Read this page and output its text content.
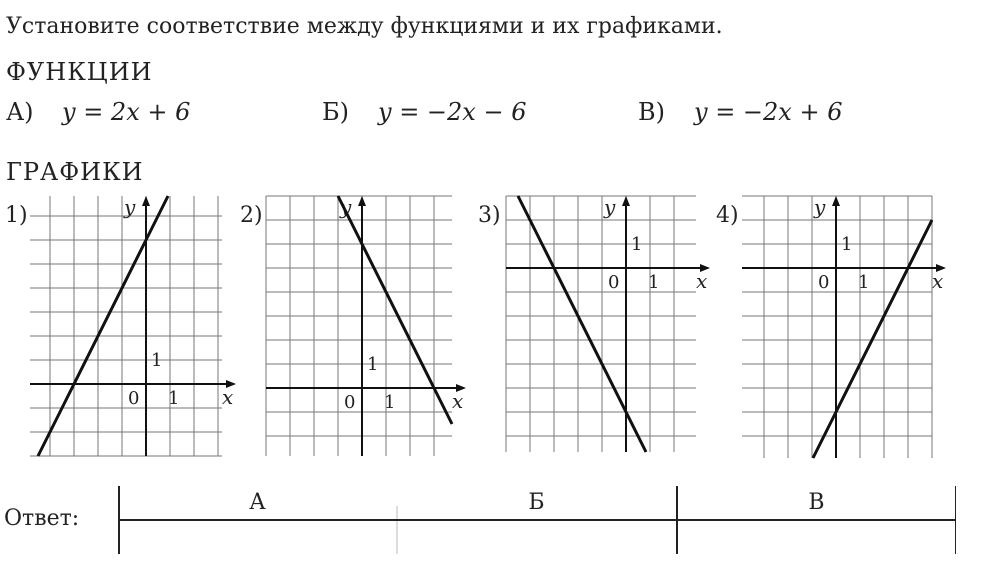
Установите соответствие между функциями и их графиками.
ФУНКЦИИ
А) y = 2x + 6	Б) y = −2x − 6	В) y = −2x + 6
ГРАФИКИ
1)	2)	3)	4)
x
y
0 1
1
x
y
0 1
1
x
y
0 1
1
x
y
0 1
1
Ответ:
А	Б	В
